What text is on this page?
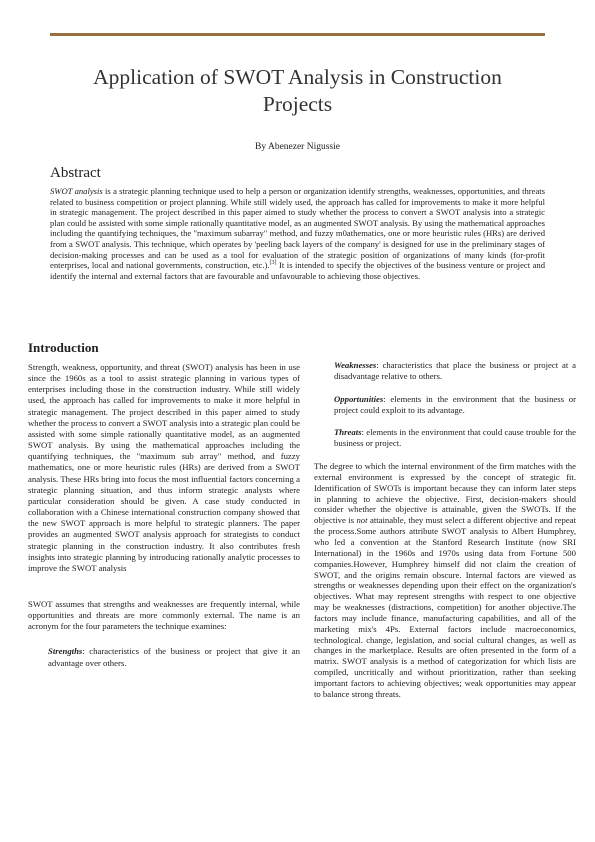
Application of SWOT Analysis in Construction Projects
By Abenezer Nigussie
Abstract
SWOT analysis is a strategic planning technique used to help a person or organization identify strengths, weaknesses, opportunities, and threats related to business competition or project planning. While still widely used, the approach has called for improvements to make it more helpful in strategic management. The project described in this paper aimed to study whether the process to convert a SWOT analysis into a strategic plan could be assisted with some simple rationally quantitative model, as an augmented SWOT analysis. By using the mathematical approaches including the quantifying techniques, the "maximum subarray" method, and fuzzy m0athematics, one or more heuristic rules (HRs) are derived from a SWOT analysis. This technique, which operates by 'peeling back layers of the company' is designed for use in the preliminary stages of decision-making processes and can be used as a tool for evaluation of the strategic position of organizations of many kinds (for-profit enterprises, local and national governments, construction, etc.).[3] It is intended to specify the objectives of the business venture or project and identify the internal and external factors that are favourable and unfavourable to achieving those objectives.
Introduction

Strength, weakness, opportunity, and threat (SWOT) analysis has been in use since the 1960s as a tool to assist strategic planning in various types of enterprises including those in the construction industry. While still widely used, the approach has called for improvements to make it more helpful in strategic management. The project described in this paper aimed to study whether the process to convert a SWOT analysis into a strategic plan could be assisted with some simple rationally quantitative model, as an augmented SWOT analysis. By using the mathematical approaches including the quantifying techniques, the "maximum sub array" method, and fuzzy mathematics, one or more heuristic rules (HRs) are derived from a SWOT analysis. These HRs bring into focus the most influential factors concerning a strategic planning situation, and thus inform strategic analysts where particular consideration should be given. A case study conducted in collaboration with a Chinese international construction company showed that the new SWOT approach is more helpful to strategic planners. The paper provides an augmented SWOT analysis approach for strategists to conduct strategic planning in the construction industry. It also contributes fresh insights into strategic planning by introducing rationally analytic processes to improve the SWOT analysis

SWOT assumes that strengths and weaknesses are frequently internal, while opportunities and threats are more commonly external. The name is an acronym for the four parameters the technique examines:

Strengths: characteristics of the business or project that give it an advantage over others.

Weaknesses: characteristics that place the business or project at a disadvantage relative to others.

Opportunities: elements in the environment that the business or project could exploit to its advantage.

Threats: elements in the environment that could cause trouble for the business or project.

The degree to which the internal environment of the firm matches with the external environment is expressed by the concept of strategic fit. Identification of SWOTs is important because they can inform later steps in planning to achieve the objective. First, decision-makers should consider whether the objective is attainable, given the SWOTs. If the objective is not attainable, they must select a different objective and repeat the process.Some authors attribute SWOT analysis to Albert Humphrey, who led a convention at the Stanford Research Institute (now SRI International) in the 1960s and 1970s using data from Fortune 500 companies.However, Humphrey himself did not claim the creation of SWOT, and the origins remain obscure. Internal factors are viewed as strengths or weaknesses depending upon their effect on the organization's objectives. What may represent strengths with respect to one objective may be weaknesses (distractions, competition) for another objective.The factors may include finance, manufacturing capabilities, and all of the marketing mix's 4Ps. External factors include macroeconomics, technological. change, legislation, and social cultural changes, as well as changes in the marketplace. Results are often presented in the form of a matrix. SWOT analysis is a method of categorization for which lists are compiled, uncritically and without prioritization, rather than seeking important factors to achieving objectives; weak opportunities may appear to balance strong threats.
